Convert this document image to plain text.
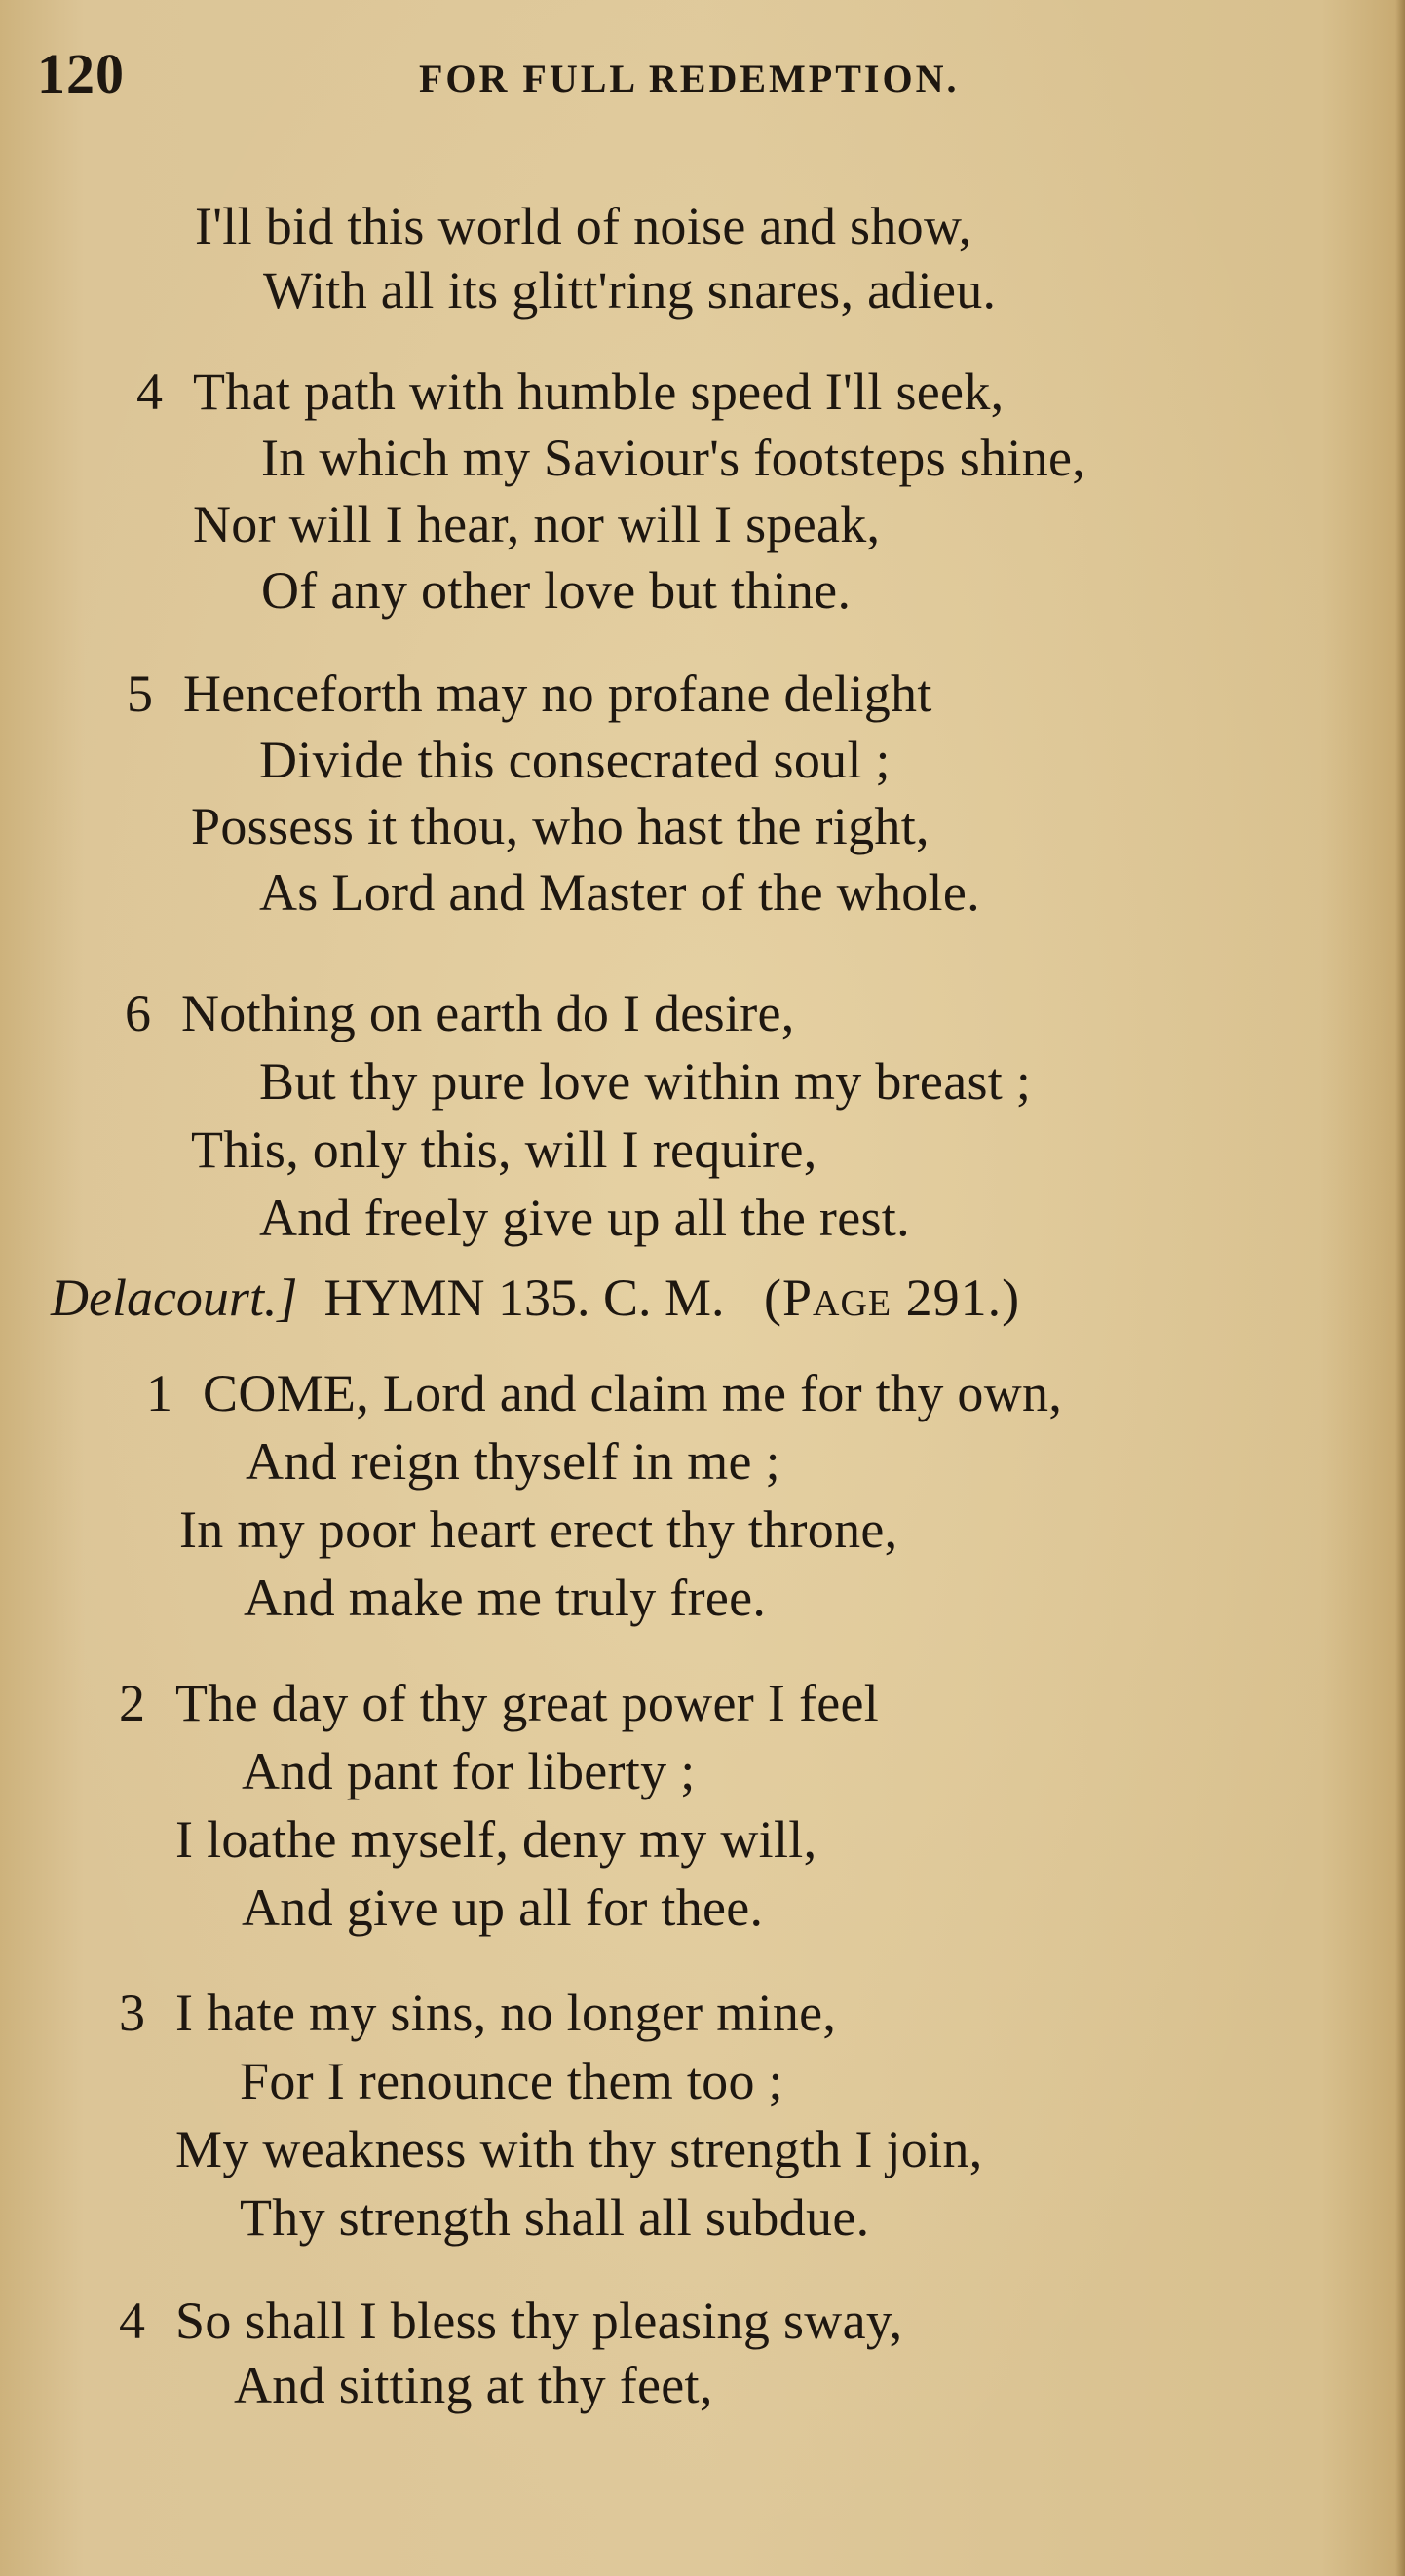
120	FOR FULL REDEMPTION.
I'll bid this world of noise and show,
With all its glitt'ring snares, adieu.
4 That path with humble speed I'll seek,
In which my Saviour's footsteps shine,
Nor will I hear, nor will I speak,
Of any other love but thine.
5 Henceforth may no profane delight
Divide this consecrated soul ;
Possess it thou, who hast the right,
As Lord and Master of the whole.
6 Nothing on earth do I desire,
But thy pure love within my breast ;
This, only this, will I require,
And freely give up all the rest.
Delacourt.] HYMN 135. C. M. (Page 291.)
1 COME, Lord and claim me for thy own,
And reign thyself in me ;
In my poor heart erect thy throne,
And make me truly free.
2 The day of thy great power I feel
And pant for liberty ;
I loathe myself, deny my will,
And give up all for thee.
3 I hate my sins, no longer mine,
For I renounce them too ;
My weakness with thy strength I join,
Thy strength shall all subdue.
4 So shall I bless thy pleasing sway,
And sitting at thy feet,
